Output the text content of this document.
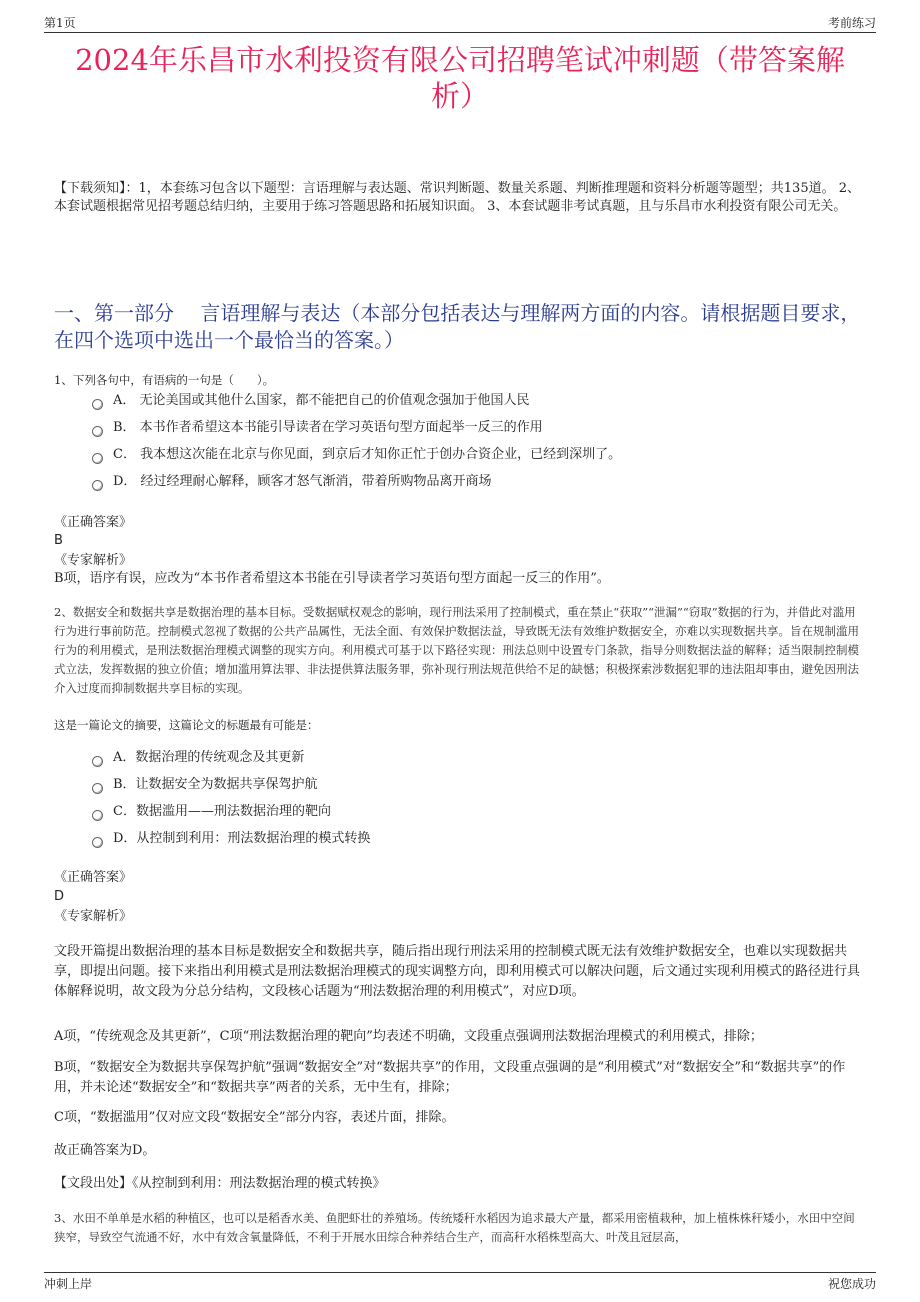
第1页	考前练习
2024年乐昌市水利投资有限公司招聘笔试冲刺题（带答案解析）
【下载须知】：1，本套练习包含以下题型：言语理解与表达题、常识判断题、数量关系题、判断推理题和资料分析题等题型；共135道。 2、本套试题根据常见招考题总结归纳，主要用于练习答题思路和拓展知识面。 3、本套试题非考试真题，且与乐昌市水利投资有限公司无关。
一、第一部分　 言语理解与表达（本部分包括表达与理解两方面的内容。请根据题目要求，在四个选项中选出一个最恰当的答案。）
1、下列各句中，有语病的一句是（　　）。
A． 无论美国或其他什么国家，都不能把自己的价值观念强加于他国人民
B． 本书作者希望这本书能引导读者在学习英语句型方面起举一反三的作用
C． 我本想这次能在北京与你见面，到京后才知你正忙于创办合资企业，已经到深圳了。
D． 经过经理耐心解释，顾客才怒气渐消，带着所购物品离开商场
《正确答案》
B
《专家解析》
B项，语序有误，应改为“本书作者希望这本书能在引导读者学习英语句型方面起一反三的作用”。
2、数据安全和数据共享是数据治理的基本目标。受数据赋权观念的影响，现行刑法采用了控制模式，重在禁止“获取”“泄漏”“窃取”数据的行为，并借此对滥用行为进行事前防范。控制模式忽视了数据的公共产品属性，无法全面、有效保护数据法益，导致既无法有效维护数据安全，亦难以实现数据共享。旨在规制滥用行为的利用模式，是刑法数据治理模式调整的现实方向。利用模式可基于以下路径实现：刑法总则中设置专门条款，指导分则数据法益的解释；适当限制控制模式立法，发挥数据的独立价值；增加滥用算法罪、非法提供算法服务罪，弥补现行刑法规范供给不足的缺憾；积极探索涉数据犯罪的违法阻却事由，避免因刑法介入过度而抑制数据共享目标的实现。
这是一篇论文的摘要，这篇论文的标题最有可能是：
A．数据治理的传统观念及其更新
B．让数据安全为数据共享保驾护航
C．数据滥用——刑法数据治理的靶向
D．从控制到利用：刑法数据治理的模式转换
《正确答案》
D
《专家解析》
文段开篇提出数据治理的基本目标是数据安全和数据共享，随后指出现行刑法采用的控制模式既无法有效维护数据安全，也难以实现数据共享，即提出问题。接下来指出利用模式是刑法数据治理模式的现实调整方向，即利用模式可以解决问题，后文通过实现利用模式的路径进行具体解释说明，故文段为分总分结构，文段核心话题为“刑法数据治理的利用模式”，对应D项。
A项，“传统观念及其更新”，C项“刑法数据治理的靶向”均表述不明确，文段重点强调刑法数据治理模式的利用模式，排除；
B项，“数据安全为数据共享保驾护航”强调“数据安全”对“数据共享”的作用，文段重点强调的是“利用模式”对“数据安全”和“数据共享”的作用，并未论述“数据安全”和“数据共享”两者的关系，无中生有，排除；
C项，“数据滥用”仅对应文段“数据安全”部分内容，表述片面，排除。
故正确答案为D。
【文段出处】《从控制到利用：刑法数据治理的模式转换》
3、水田不单单是水稻的种植区，也可以是稻香水美、鱼肥虾壮的养殖场。传统矮秆水稻因为追求最大产量，都采用密植栽种，加上植株株秆矮小，水田中空间狭窄，导致空气流通不好，水中有效含氧量降低，不利于开展水田综合种养结合生产，而高秆水稻株型高大、叶茂且冠层高，
冲刺上岸	祝您成功
